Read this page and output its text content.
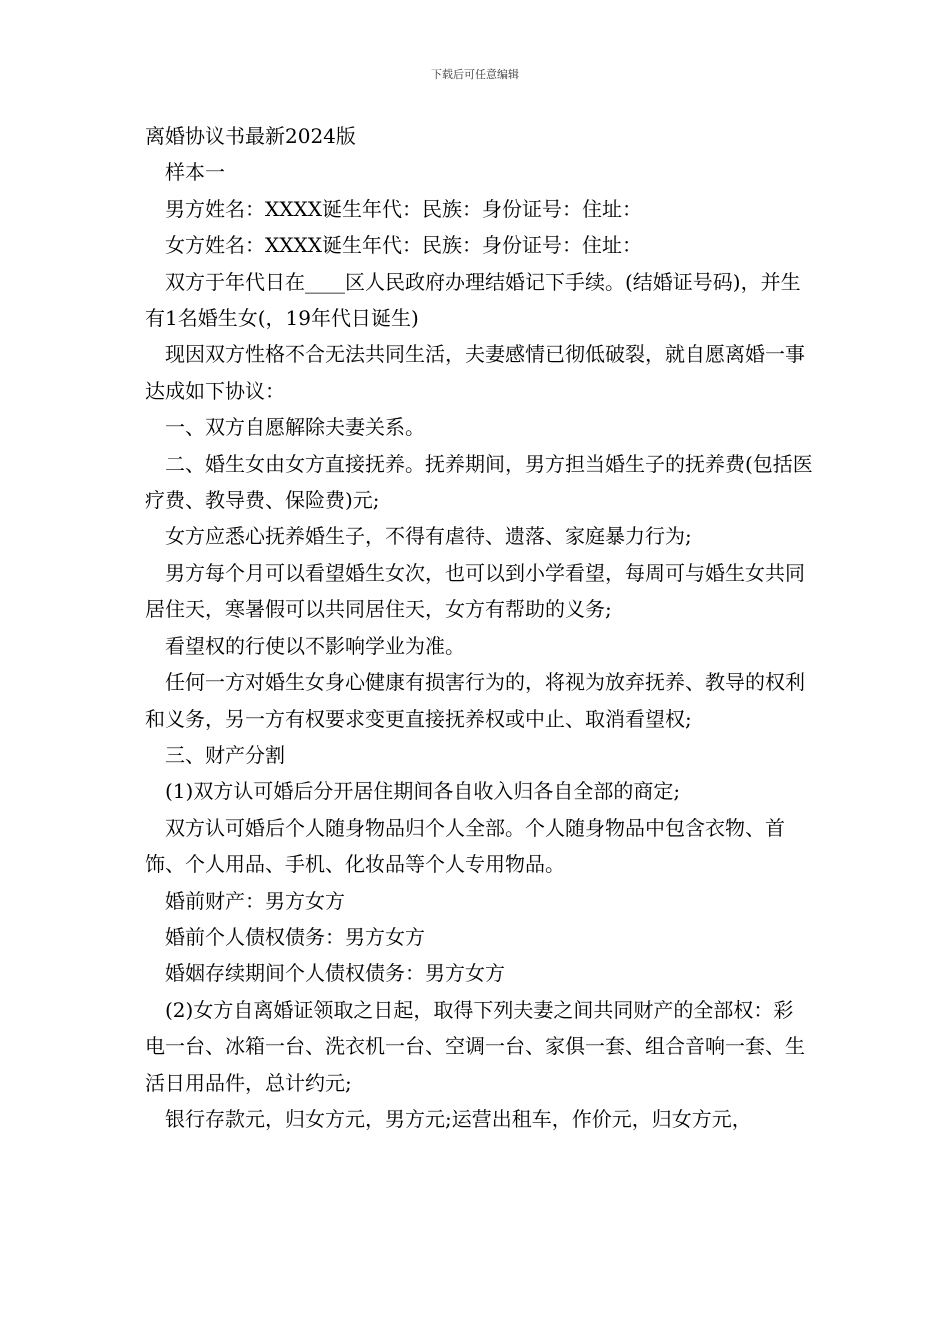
下载后可任意编辑

离婚协议书最新2024版

样本一

男方姓名：XXXX诞生年代：民族：身份证号：住址：

女方姓名：XXXX诞生年代：民族：身份证号：住址：

双方于年代日在____区人民政府办理结婚记下手续。(结婚证号码)，并生有1名婚生女(，19年代日诞生)

现因双方性格不合无法共同生活，夫妻感情已彻低破裂，就自愿离婚一事达成如下协议：

一、双方自愿解除夫妻关系。

二、婚生女由女方直接抚养。抚养期间，男方担当婚生子的抚养费(包括医疗费、教导费、保险费)元;

女方应悉心抚养婚生子，不得有虐待、遗落、家庭暴力行为;

男方每个月可以看望婚生女次，也可以到小学看望，每周可与婚生女共同居住天，寒暑假可以共同居住天，女方有帮助的义务;

看望权的行使以不影响学业为准。

任何一方对婚生女身心健康有损害行为的，将视为放弃抚养、教导的权利和义务，另一方有权要求变更直接抚养权或中止、取消看望权;

三、财产分割

(1)双方认可婚后分开居住期间各自收入归各自全部的商定;

双方认可婚后个人随身物品归个人全部。个人随身物品中包含衣物、首饰、个人用品、手机、化妆品等个人专用物品。

婚前财产：男方女方

婚前个人债权债务：男方女方

婚姻存续期间个人债权债务：男方女方

(2)女方自离婚证领取之日起，取得下列夫妻之间共同财产的全部权：彩电一台、冰箱一台、洗衣机一台、空调一台、家俱一套、组合音响一套、生活日用品件，总计约元;

银行存款元，归女方元，男方元;运营出租车，作价元，归女方元，
